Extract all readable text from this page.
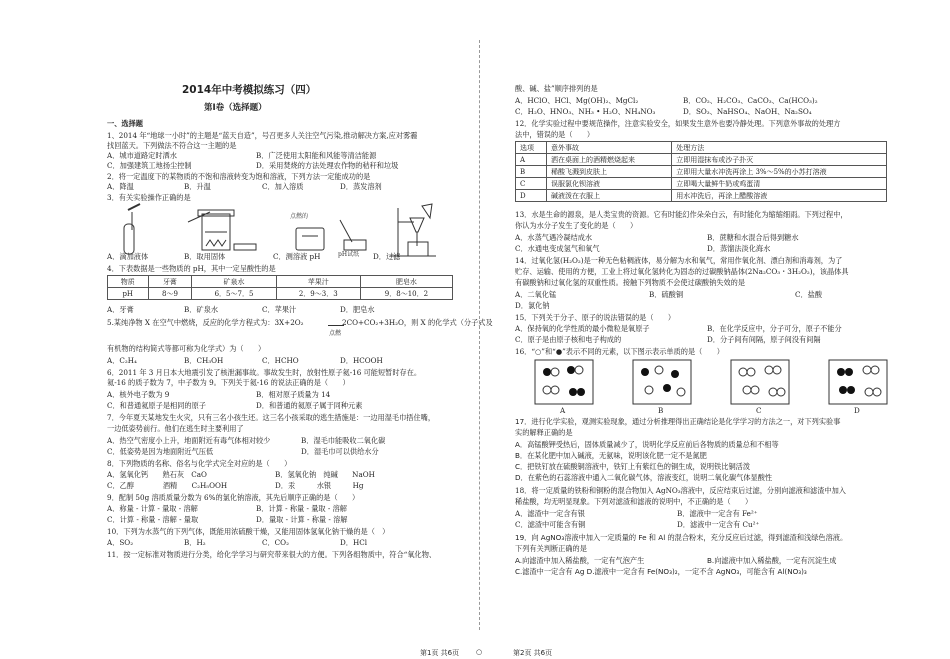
2014年中考模拟练习（四）
第Ⅰ卷（选择题）
一、选择题
1、2014 年“地球一小时”的主题是“蓝天自造”，号召更多人关注空气污染,推动解决方案,应对雾霾
找回蓝天。下列做法不符合这一主题的是
A．城市道路定时洒水	B．广泛使用太阳能和风能等清洁能源
C．加强建筑工地扬尘控制	D．采用焚烧的方法处理农作物的秸秆和垃圾
2．将一定温度下的某物质的不饱和溶液转变为饱和溶液，下列方法一定能成功的是
A．降温	B．升温	C．加入溶质	D．蒸发溶剂
3．有关实验操作正确的是
点燃的
pH试纸
A．滴加液体	B．取用固体	C．测溶液 pH	D．过滤
4．下表数据是一些物质的 pH，其中一定呈酸性的是
物质	牙膏	矿泉水	苹果汁	肥皂水
pH	8～9	6．5～7．5	2．9～3．3	9．8～10．2
A．牙膏	B．矿泉水	C．苹果汁	D．肥皂水
5.某纯净物 X 在空气中燃烧，反应的化学方程式为：3X+2O₂	2CO+CO₂+3H₂O，则 X 的化学式（分子式及
点燃
有机物的结构简式等都可称为化学式）为（　　）
A．C₂H₄	B．CH₃OH	C．HCHO	D．HCOOH
6．2011 年 3 月日本大地震引发了核泄漏事故。事故发生时，放射性原子氦-16 可能短暂时存在。
氦-16 的质子数为 7，中子数为 9。下列关于氦-16 的说法正确的是（　　）
A．核外电子数为 9	B．相对原子质量为 14
C．和普通氦原子是相同的原子	D．和普通的氦原子属于同种元素
7．今年夏天某地发生火灾，只有三名小孩生还。这三名小孩采取的逃生措施是：一边用湿毛巾捂住嘴，
一边低姿势前行。他们在逃生时主要利用了
A．热空气密度小上升，地面附近有毒气体相对较少	B．湿毛巾能吸收二氧化碳
C．低姿势是因为地面附近气压低	D．湿毛巾可以供给水分
8．下列物质的名称、俗名与化学式完全对应的是（　　）
A．氢氧化钙　　熟石灰　CaO	B．氢氧化钠　纯碱　　NaOH
C．乙醇　　　　酒精　　C₂H₅OOH	D．汞　　　水银　　　Hg
9．配制 50g 溶质质量分数为 6%的氯化钠溶液，其先后顺序正确的是（　　）
A．称量 - 计算 - 量取 - 溶解	B．计算 - 称量 - 量取 - 溶解
C．计算 - 称量 - 溶解 - 量取	D．量取 - 计算 - 称量 - 溶解
10．下列为水蒸气的下列气体，既能用浓硫酸干燥，又能用固体氢氧化钠干燥的是（　）
A．SO₂	B．H₂	C．CO₂	D．HCl
11．按一定标准对物质进行分类，给化学学习与研究带来很大的方便。下列各组物质中，符合“氧化物、
酸、碱、盐”顺序排列的是
A．HClO、HCl、Mg(OH)₂、MgCl₂	B．CO₂、H₂CO₃、CaCO₃、Ca(HCO₃)₂
C．H₂O、HNO₃、NH₃ • H₂O、NH₄NO₃	D．SO₃、NaHSO₄、NaOH、Na₂SO₄
12．化学实验过程中要规范操作，注意实验安全，如果发生意外也要冷静处理。下列意外事故的处理方
法中，错误的是（　　）
选项	意外事故	处理方法
A	洒在桌面上的酒精燃烧起来	立即用湿抹布或沙子扑灭
B	稀酸飞溅到皮肤上	立即用大量水冲洗再涂上 3%～5%的小苏打溶液
C	误服氯化钡溶液	立即喝大量鲜牛奶或鸡蛋清
D	碱液泼在衣服上	用水冲洗后，再涂上醋酸溶液
13．水是生命的源泉，是人类宝贵的资源。它有时能幻作朵朵白云，有时能化为缩缩细雨。下列过程中，
你认为水分子发生了变化的是（　　）
A．水蒸气遇冷凝结成水	B．蔗糖和水混合后得到糖水
C．水通电变成氢气和氧气	D．蒸馏法淡化海水
14．过氧化氢(H₂O₂)是一种无色粘稠液体，易分解为水和氧气，常用作氧化剂、漂白剂和消毒剂，为了
贮存、运输、使用的方便，工业上将过氧化氢转化为固态的过碳酸钠晶体(2Na₂CO₃・3H₂O₂)，该晶体具
有碳酸钠和过氧化氢的双重性质。接触下列物质不会使过碳酸钠失效的是
A．二氧化锰	B．硫酸铜	C．盐酸
D．氯化钠
15．下列关于分子、原子的说法错误的是（　　）
A．保持氧的化学性质的最小微粒是氧原子	B．在化学反应中，分子可分，原子不能分
C．原子是由原子核和电子构成的	D．分子间有间隔，原子间没有间隔
16．“○”和“●”表示不同的元素，以下图示表示单质的是（　　）
A	B	C	D
17．进行化学实验，观测实验现象，通过分析推理得出正确结论是化学学习的方法之一，对下列实验事
实的解释正确的是
A．高锰酸钾受热后，固体质量减少了，说明化学反应前后各物质的质量总和不相等
B．在某化肥中加入碱液，无氨味，说明该化肥一定不是氮肥
C．把铁钉放在硫酸铜溶液中，铁钉上有紫红色的铜生成，说明铁比铜活泼
D．在紫色的石蕊溶液中通入二氧化碳气体，溶液变红，说明二氧化碳气体显酸性
18．将一定质量的铁粉和铜粉的混合物加入 AgNO₃溶液中，反应结束后过滤，分别向滤液和滤渣中加入
稀盐酸，均无明显现象。下列对滤渣和滤液的说明中，不正确的是（　　）
A．滤渣中一定含有银	B．滤液中一定含有 Fe²⁺
C．滤渣中可能含有铜	D．滤液中一定含有 Cu²⁺
19．向 AgNO₃溶液中加入一定质量的 Fe 和 Al 的混合粉末，充分反应后过滤，得到滤渣和浅绿色溶液。
下列有关判断正确的是
A.向滤渣中加入稀盐酸，一定有气泡产生	B.向滤液中加入稀盐酸，一定有沉淀生成
C.滤渣中一定含有 Ag D.滤液中一定含有 Fe(NO₃)₂，一定不含 AgNO₃，可能含有 Al(NO₃)₃
第1页 共6页 ○	第2页 共6页
